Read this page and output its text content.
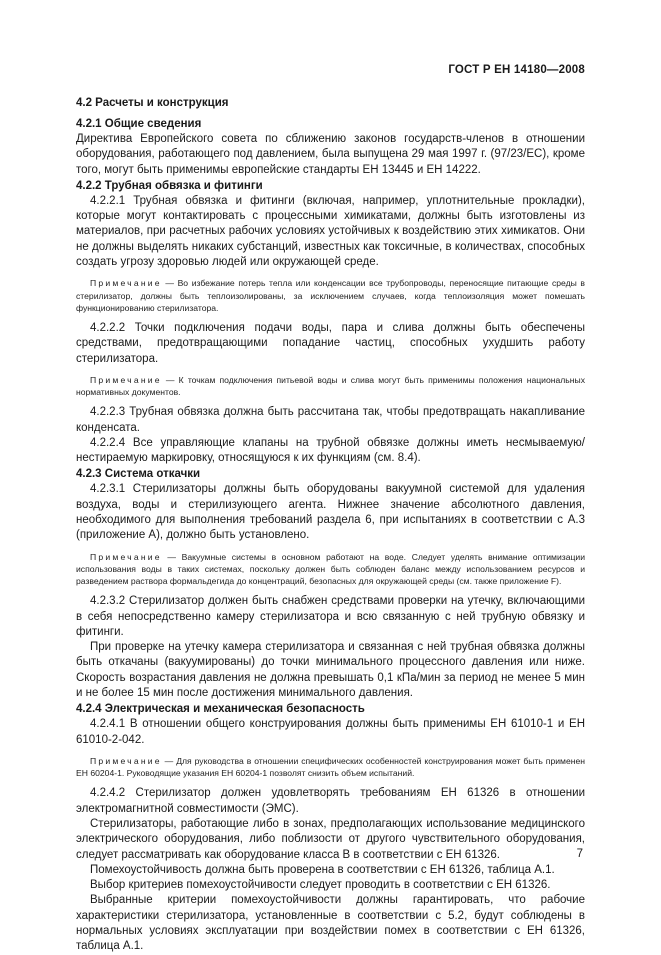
ГОСТ Р ЕН 14180—2008
4.2 Расчеты и конструкция
4.2.1 Общие сведения

Директива Европейского совета по сближению законов государств-членов в отношении оборудования, работающего под давлением, была выпущена 29 мая 1997 г. (97/23/ЕС), кроме того, могут быть применимы европейские стандарты ЕН 13445 и ЕН 14222.

4.2.2 Трубная обвязка и фитинги

4.2.2.1 Трубная обвязка и фитинги (включая, например, уплотнительные прокладки), которые могут контактировать с процессными химикатами, должны быть изготовлены из материалов, при расчетных рабочих условиях устойчивых к воздействию этих химикатов. Они не должны выделять никаких субстанций, известных как токсичные, в количествах, способных создать угрозу здоровью людей или окружающей среде.

Примечание — Во избежание потерь тепла или конденсации все трубопроводы, переносящие питающие среды в стерилизатор, должны быть теплоизолированы, за исключением случаев, когда теплоизоляция может помешать функционированию стерилизатора.

4.2.2.2 Точки подключения подачи воды, пара и слива должны быть обеспечены средствами, предотвращающими попадание частиц, способных ухудшить работу стерилизатора.

Примечание — К точкам подключения питьевой воды и слива могут быть применимы положения национальных нормативных документов.

4.2.2.3 Трубная обвязка должна быть рассчитана так, чтобы предотвращать накапливание конденсата.

4.2.2.4 Все управляющие клапаны на трубной обвязке должны иметь несмываемую/нестираемую маркировку, относящуюся к их функциям (см. 8.4).

4.2.3 Система откачки

4.2.3.1 Стерилизаторы должны быть оборудованы вакуумной системой для удаления воздуха, воды и стерилизующего агента. Нижнее значение абсолютного давления, необходимого для выполнения требований раздела 6, при испытаниях в соответствии с А.3 (приложение А), должно быть установлено.

Примечание — Вакуумные системы в основном работают на воде. Следует уделять внимание оптимизации использования воды в таких системах, поскольку должен быть соблюден баланс между использованием ресурсов и разведением раствора формальдегида до концентраций, безопасных для окружающей среды (см. также приложение F).

4.2.3.2 Стерилизатор должен быть снабжен средствами проверки на утечку, включающими в себя непосредственно камеру стерилизатора и всю связанную с ней трубную обвязку и фитинги.

При проверке на утечку камера стерилизатора и связанная с ней трубная обвязка должны быть откачаны (вакуумированы) до точки минимального процессного давления или ниже. Скорость возрастания давления не должна превышать 0,1 кПа/мин за период не менее 5 мин и не более 15 мин после достижения минимального давления.

4.2.4 Электрическая и механическая безопасность

4.2.4.1 В отношении общего конструирования должны быть применимы ЕН 61010-1 и ЕН 61010-2-042.

Примечание — Для руководства в отношении специфических особенностей конструирования может быть применен ЕН 60204-1. Руководящие указания ЕН 60204-1 позволят снизить объем испытаний.

4.2.4.2 Стерилизатор должен удовлетворять требованиям ЕН 61326 в отношении электромагнитной совместимости (ЭМС).

Стерилизаторы, работающие либо в зонах, предполагающих использование медицинского электрического оборудования, либо поблизости от другого чувствительного оборудования, следует рассматривать как оборудование класса В в соответствии с ЕН 61326.

Помехоустойчивость должна быть проверена в соответствии с ЕН 61326, таблица А.1.

Выбор критериев помехоустойчивости следует проводить в соответствии с ЕН 61326.

Выбранные критерии помехоустойчивости должны гарантировать, что рабочие характеристики стерилизатора, установленные в соответствии с 5.2, будут соблюдены в нормальных условиях эксплуатации при воздействии помех в соответствии с ЕН 61326, таблица А.1.

7
